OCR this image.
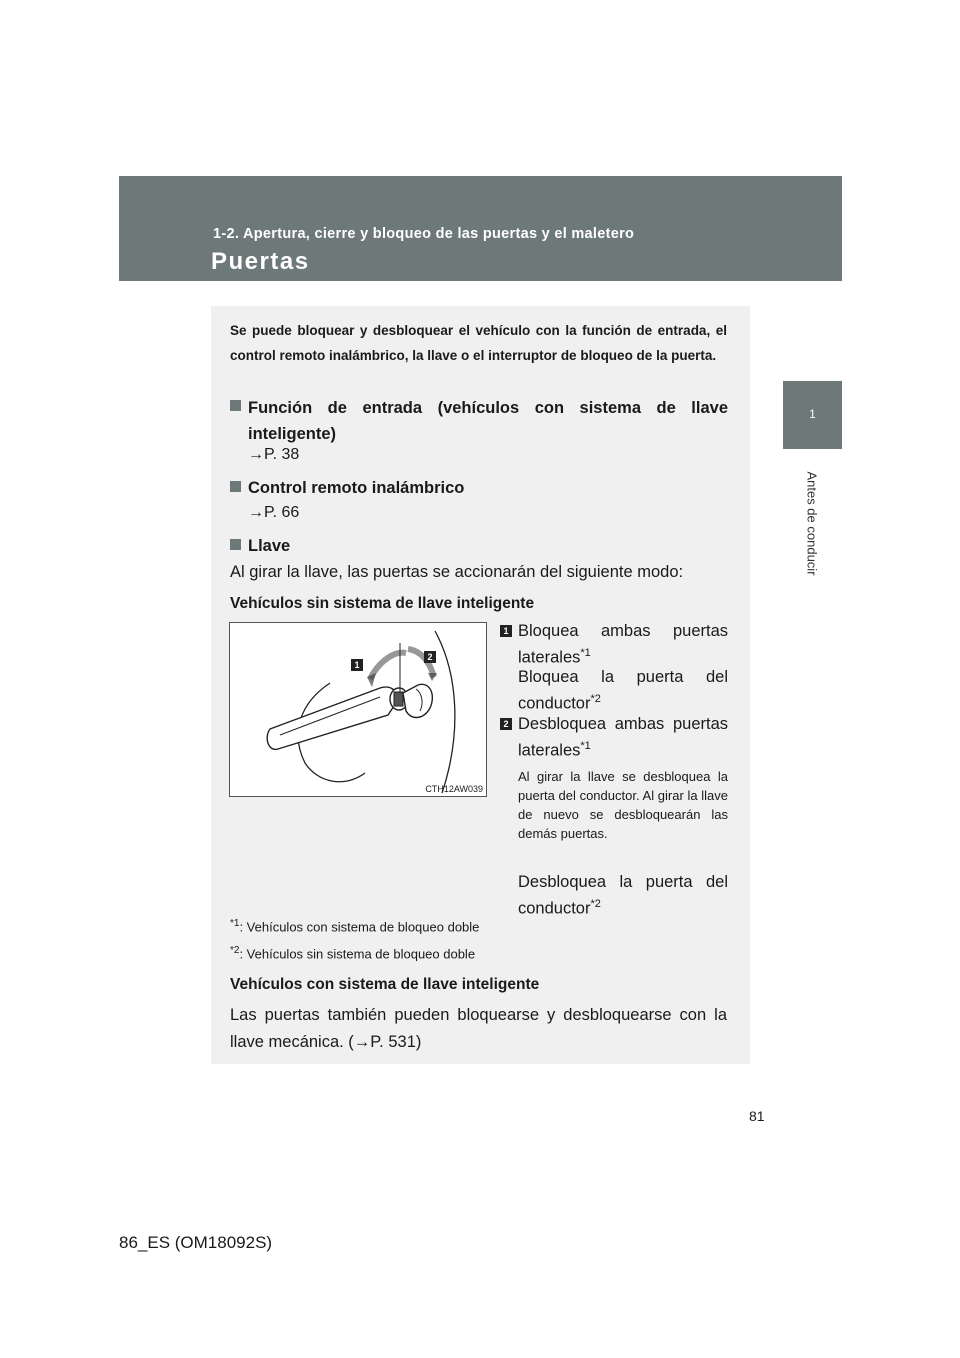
1-2. Apertura, cierre y bloqueo de las puertas y el maletero
Puertas
1
Antes de conducir
Se puede bloquear y desbloquear el vehículo con la función de entrada, el control remoto inalámbrico, la llave o el interruptor de bloqueo de la puerta.
Función de entrada (vehículos con sistema de llave inteligente)
→P. 38
Control remoto inalámbrico
→P. 66
Llave
Al girar la llave, las puertas se accionarán del siguiente modo:
Vehículos sin sistema de llave inteligente
1
2
CTH12AW039
1 Bloquea ambas puertas laterales$^{*1}$
Bloquea la puerta del conductor$^{*2}$
2 Desbloquea ambas puertas laterales$^{*1}$
Al girar la llave se desbloquea la puerta del conductor. Al girar la llave de nuevo se desbloquearán las demás puertas.
Desbloquea la puerta del conductor$^{*2}$
$^{*1}$: Vehículos con sistema de bloqueo doble
$^{*2}$: Vehículos sin sistema de bloqueo doble
Vehículos con sistema de llave inteligente
Las puertas también pueden bloquearse y desbloquearse con la llave mecánica. (→P. 531)
81
86_ES (OM18092S)
